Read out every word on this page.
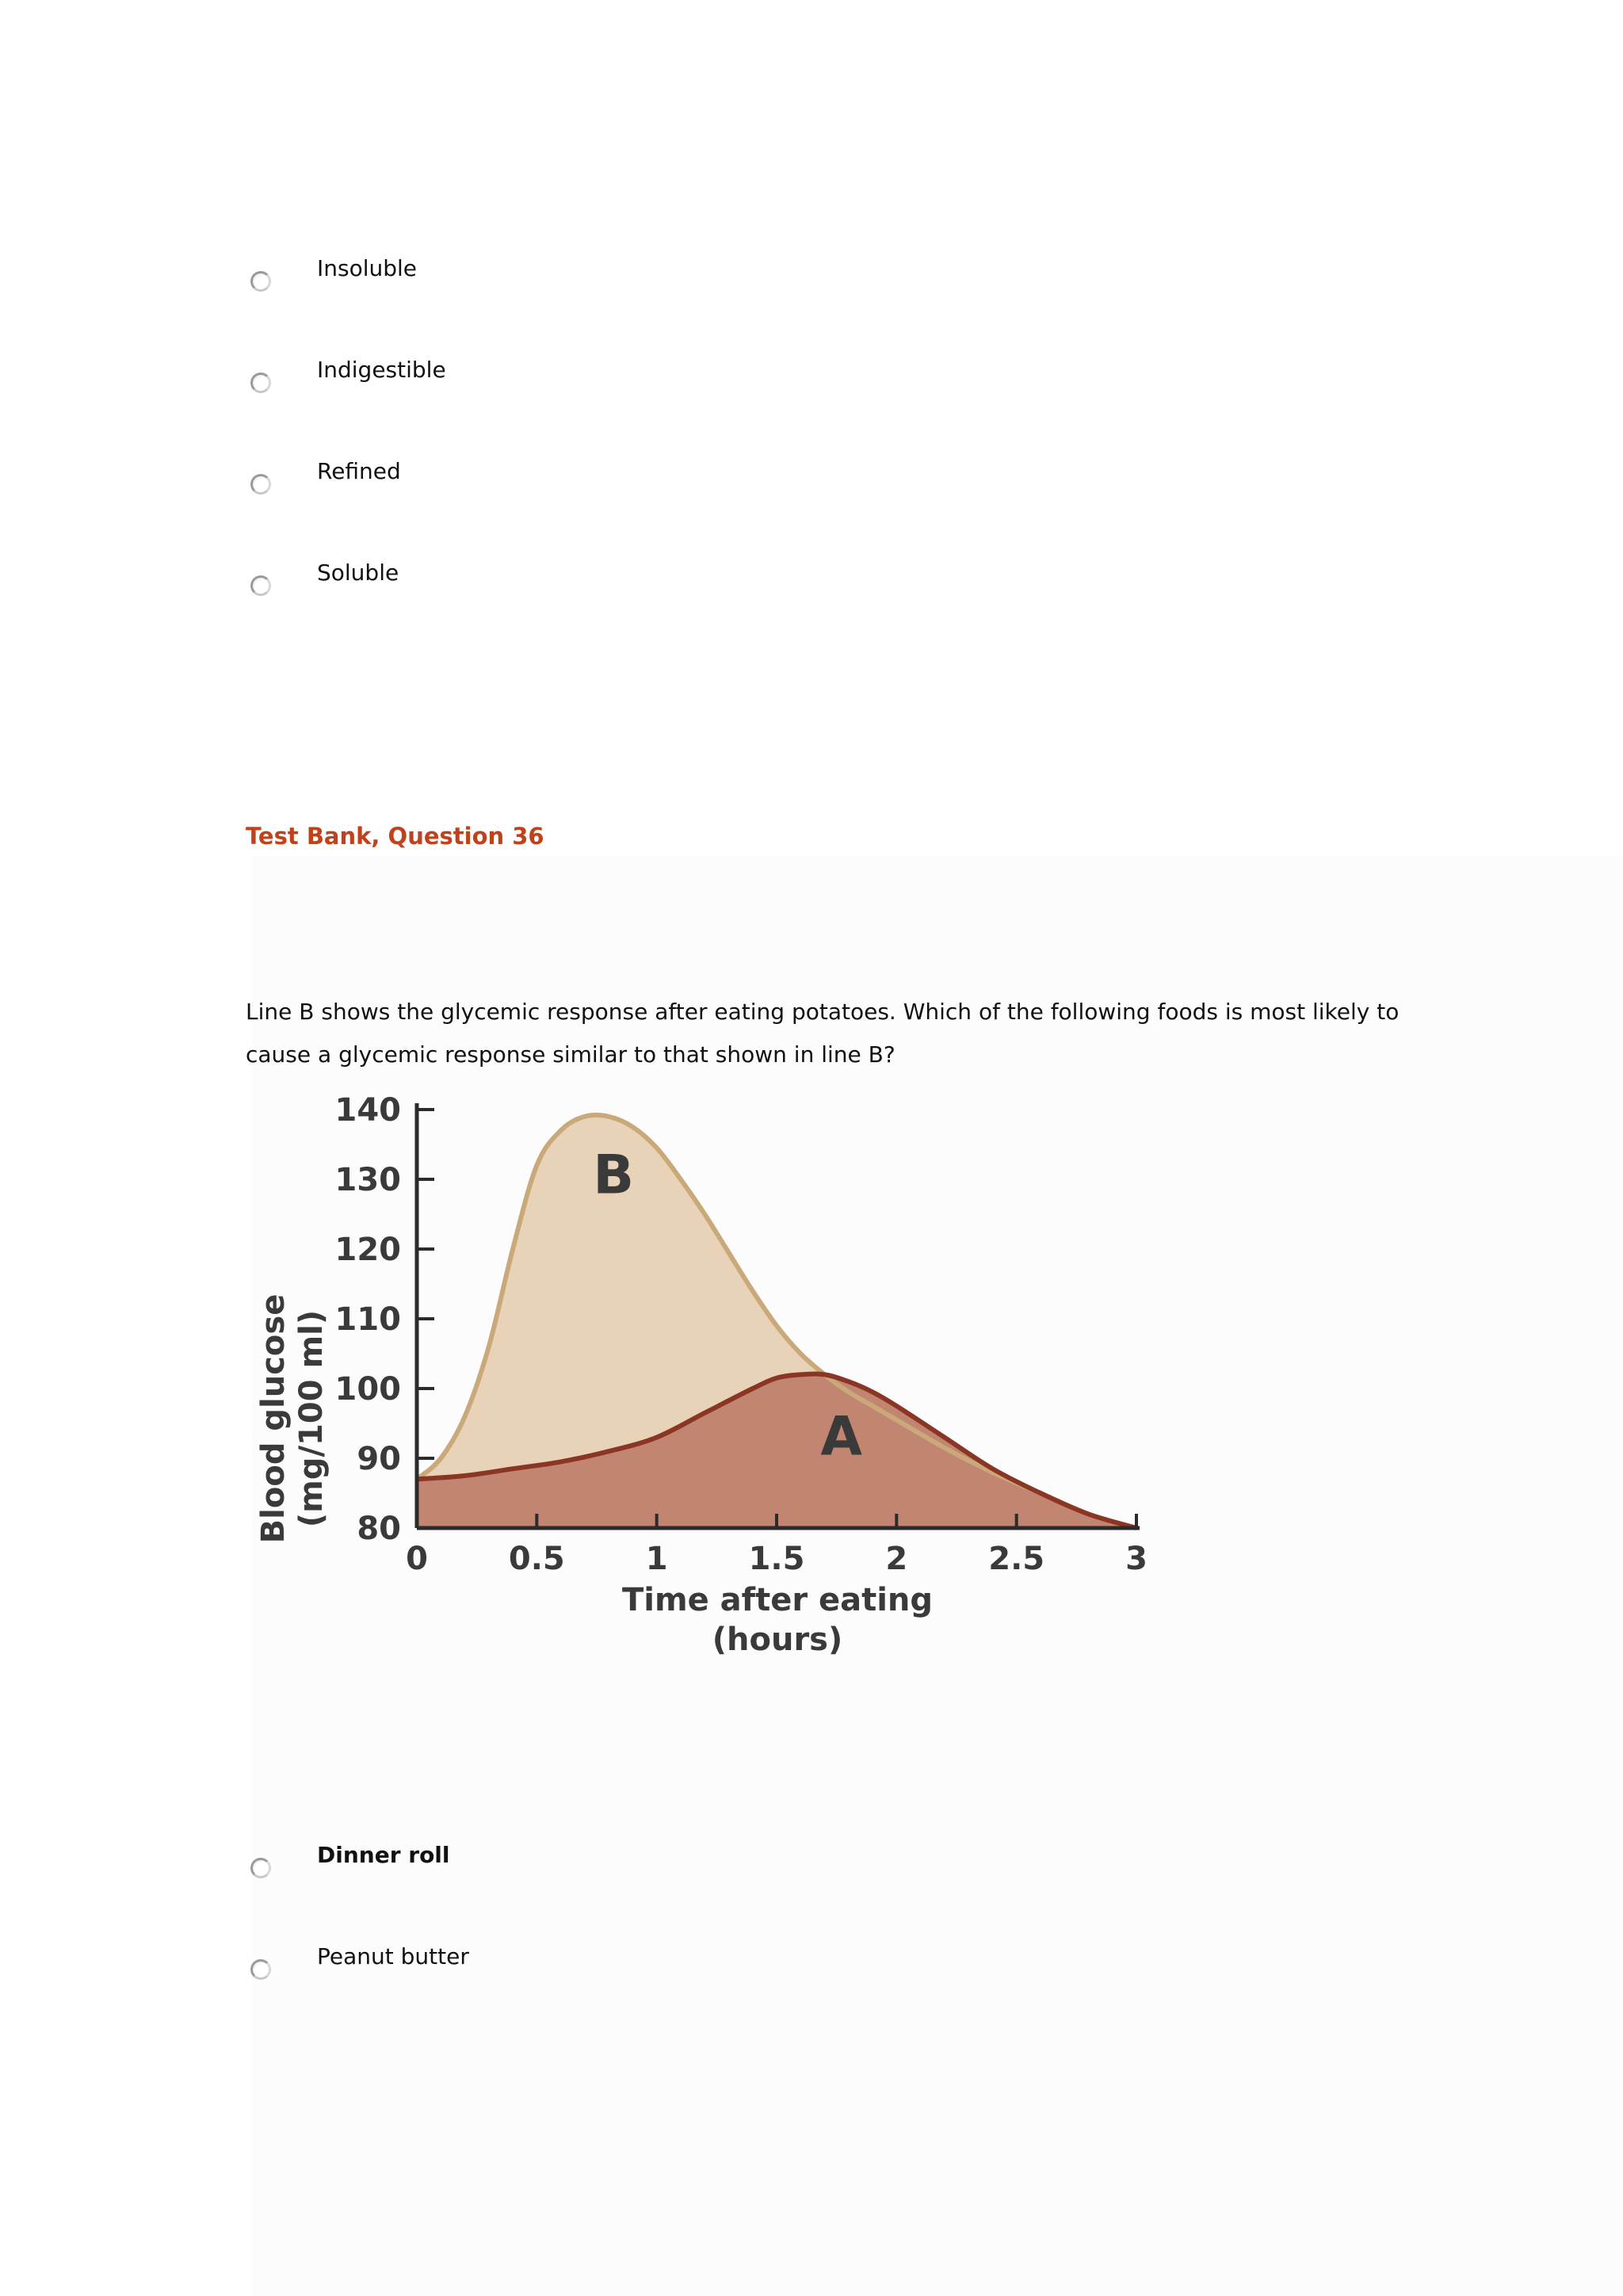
Insoluble
Indigestible
Refined
Soluble
Test Bank, Question 36
Line B shows the glycemic response after eating potatoes. Which of the following foods is most likely to cause a glycemic response similar to that shown in line B?
80
90
100
110
120
130
140
0	0.5	1	1.5	2	2.5	3
B
A
Time after eating
(hours)
Blood glucose (mg/100 ml)
Dinner roll
Peanut butter
